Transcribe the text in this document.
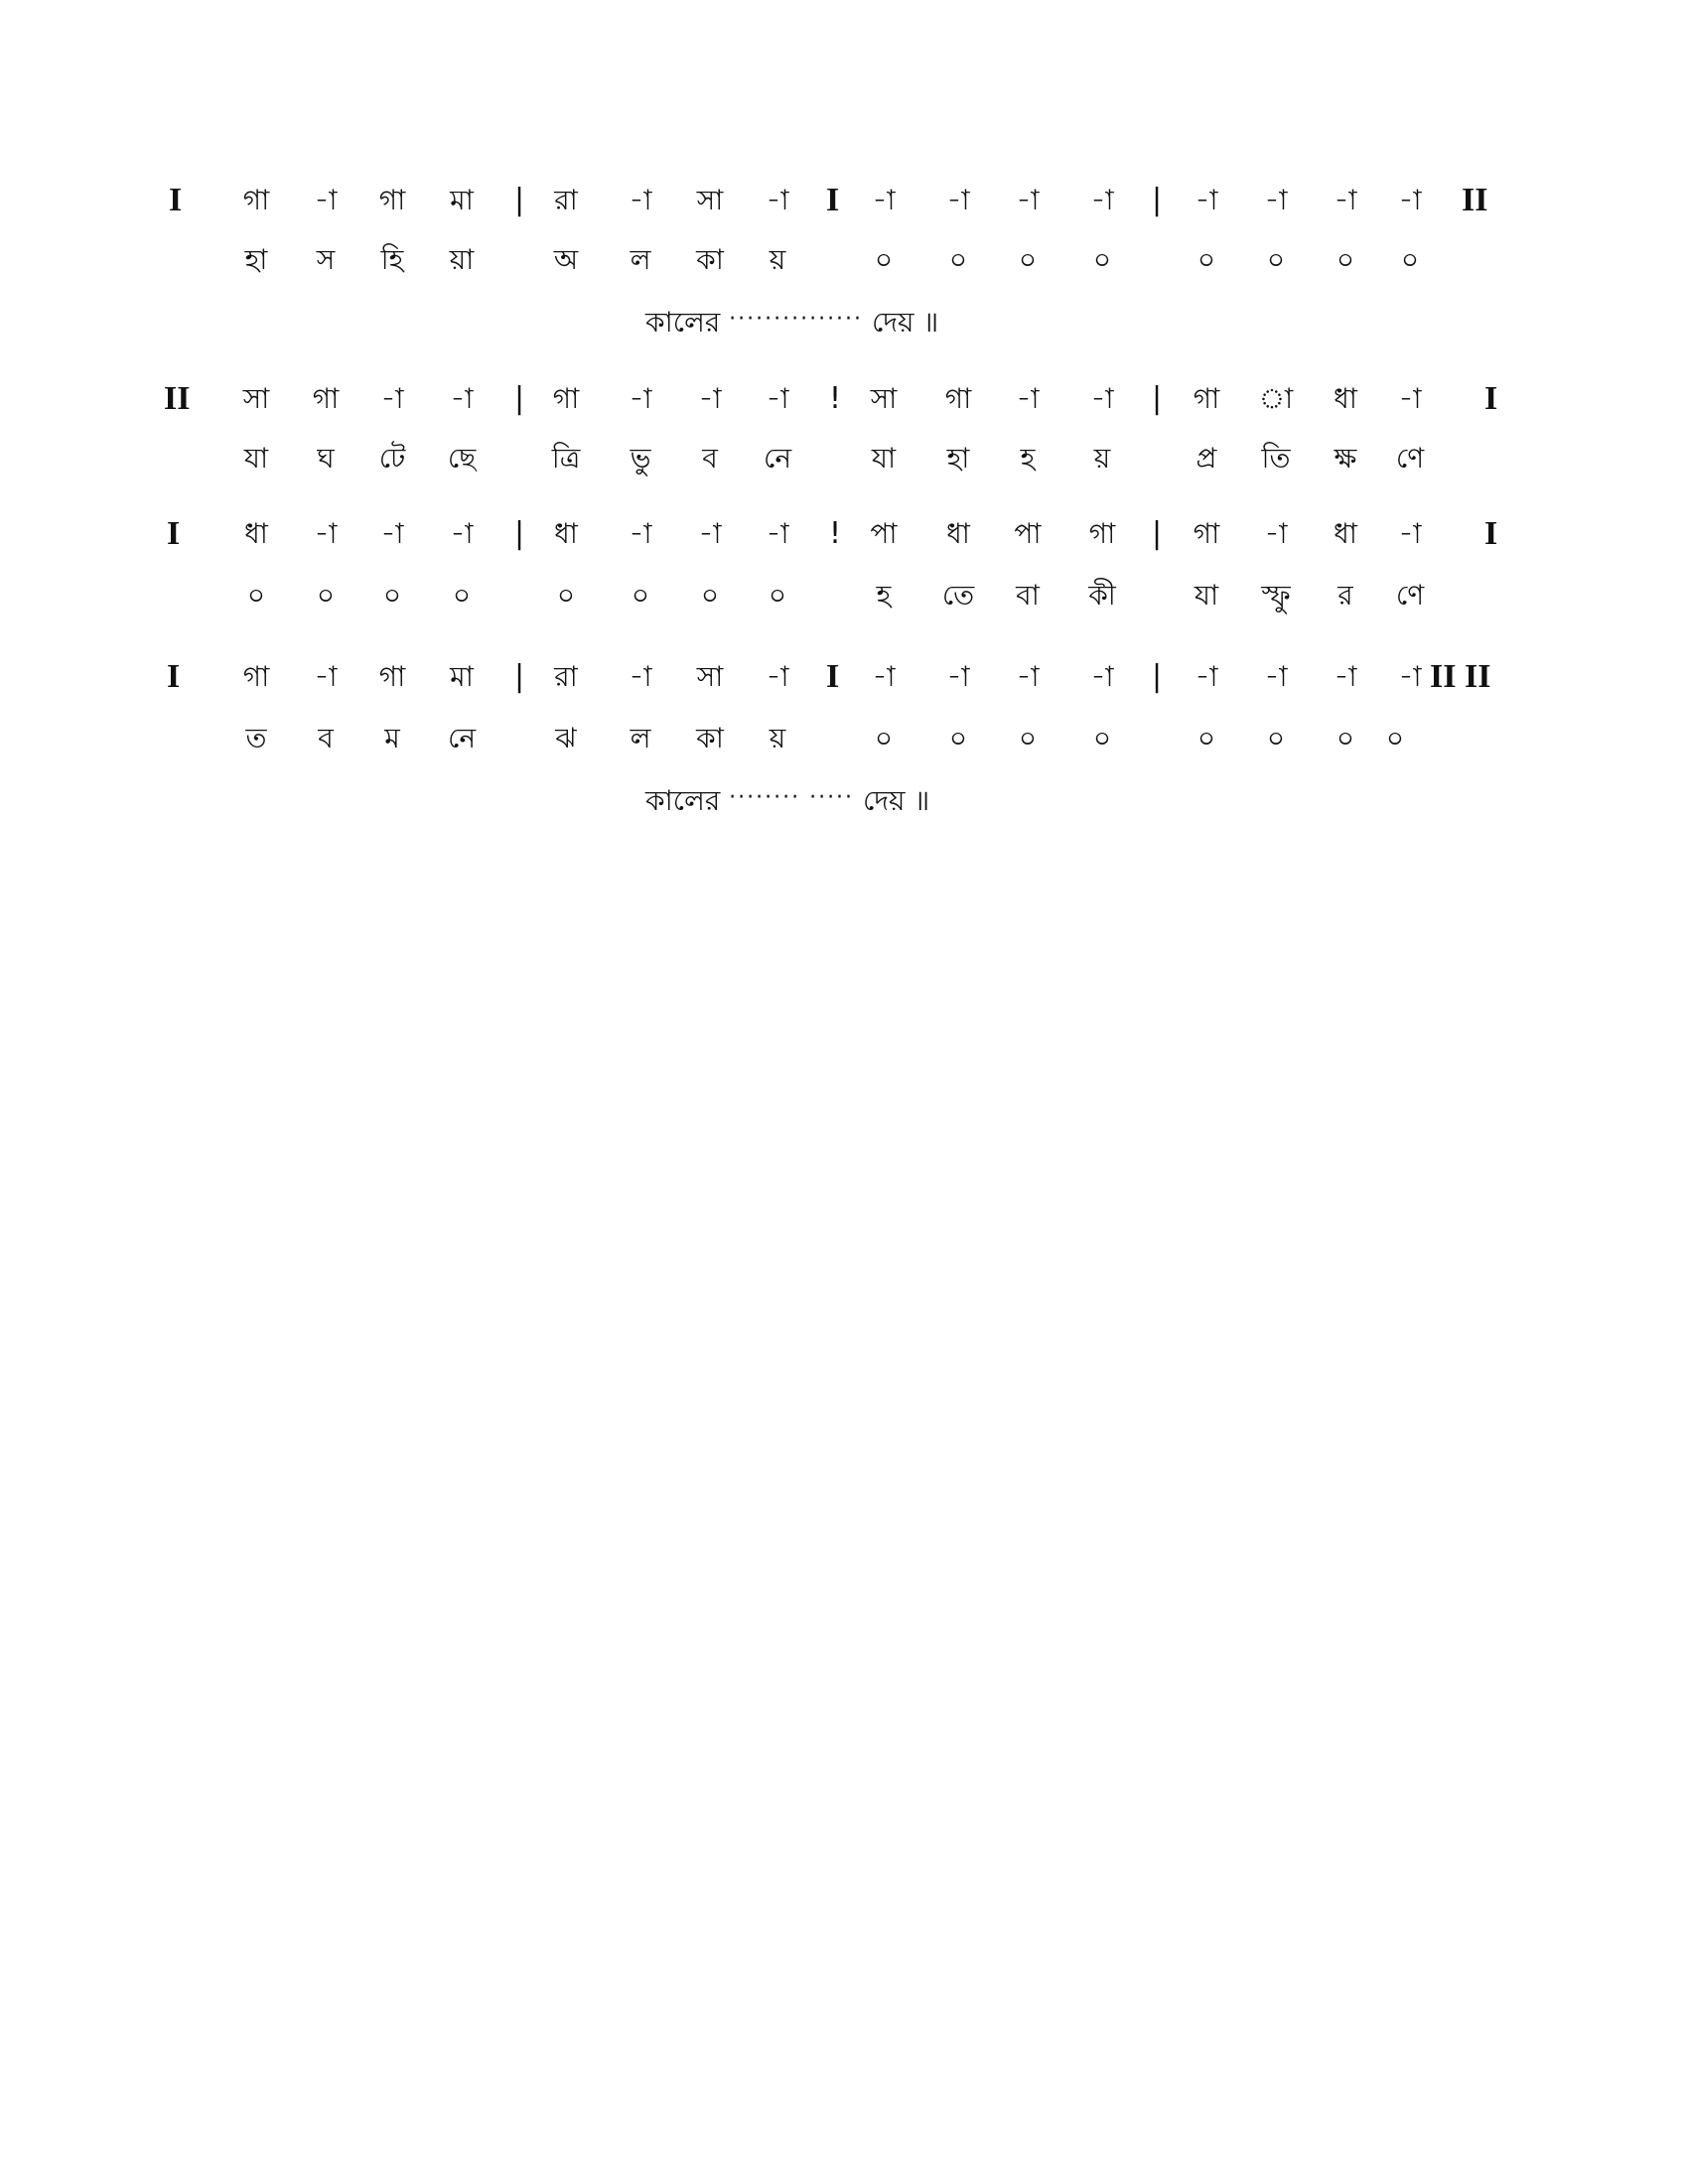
I	গা	-া	গা	মা	|	রা	-া	সা	-া	I	-া	-া	-া	-া	|	-া	-া	-া	-া	II
হা	স	হি	য়া	অ	ল	কা	য়	০	০	০	০	০	০	০	০
কালের ··············· দেয় ॥
II	সা	গা	-া	-া	|	গা	-া	-া	-া	!	সা	গা	-া	-া	|	গা	া	ধা	-া	I
যা	ঘ	টে	ছে	ত্রি	ভু	ব	নে	যা	হা	হ	য়	প্র	তি	ক্ষ	ণে
I	ধা	-া	-া	-া	|	ধা	-া	-া	-া	!	পা	ধা	পা	গা	|	গা	-া	ধা	-া	I
০	০	০	০	০	০	০	০	হ	তে	বা	কী	যা	স্ফু	র	ণে
I	গা	-া	গা	মা	|	রা	-া	সা	-া	I	-া	-া	-া	-া	|	-া	-া	-া	-া II II
ত	ব	ম	নে	ঝ	ল	কা	য়	০	০	০	০	০	০	০	০
কালের ········ ····· দেয় ॥
